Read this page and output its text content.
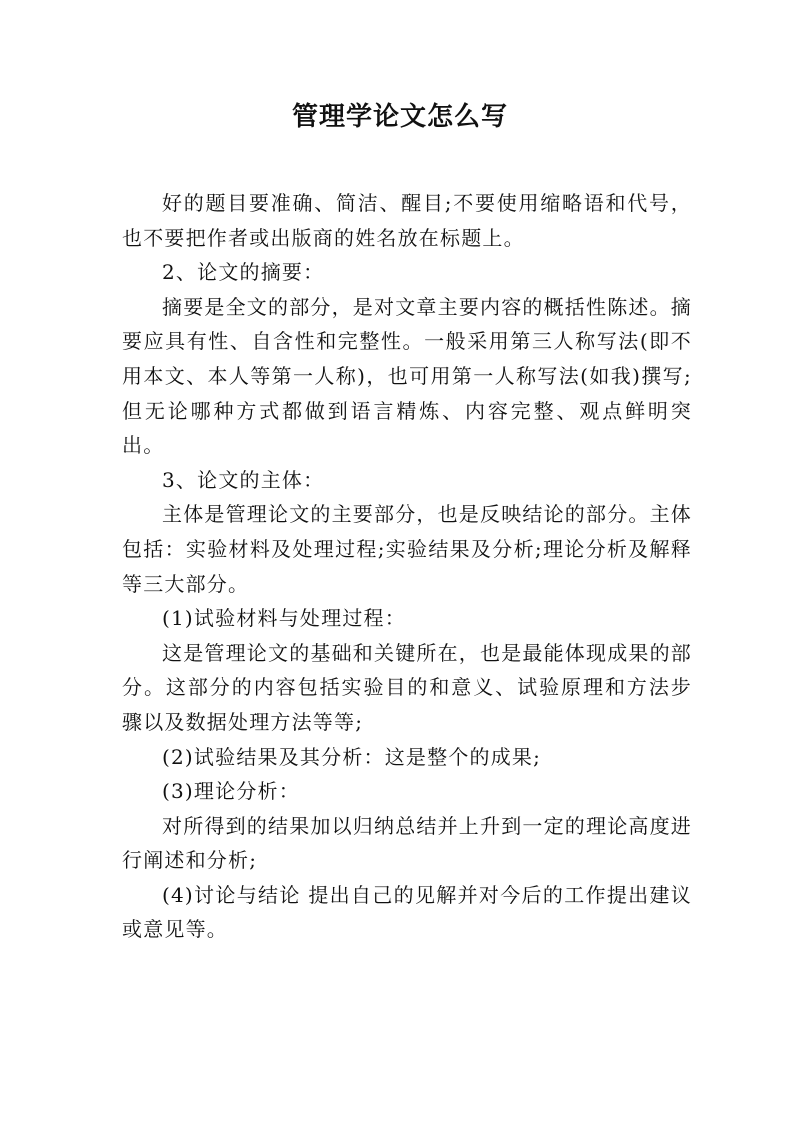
管理学论文怎么写

好的题目要准确、简洁、醒目;不要使用缩略语和代号，也不要把作者或出版商的姓名放在标题上。

2、论文的摘要：

摘要是全文的部分，是对文章主要内容的概括性陈述。摘要应具有性、自含性和完整性。一般采用第三人称写法(即不用本文、本人等第一人称)，也可用第一人称写法(如我)撰写;但无论哪种方式都做到语言精炼、内容完整、观点鲜明突出。

3、论文的主体：

主体是管理论文的主要部分，也是反映结论的部分。主体包括：实验材料及处理过程;实验结果及分析;理论分析及解释等三大部分。

(1)试验材料与处理过程：

这是管理论文的基础和关键所在，也是最能体现成果的部分。这部分的内容包括实验目的和意义、试验原理和方法步骤以及数据处理方法等等;

(2)试验结果及其分析：这是整个的成果;

(3)理论分析：

对所得到的结果加以归纳总结并上升到一定的理论高度进行阐述和分析;

(4)讨论与结论 提出自己的见解并对今后的工作提出建议或意见等。
